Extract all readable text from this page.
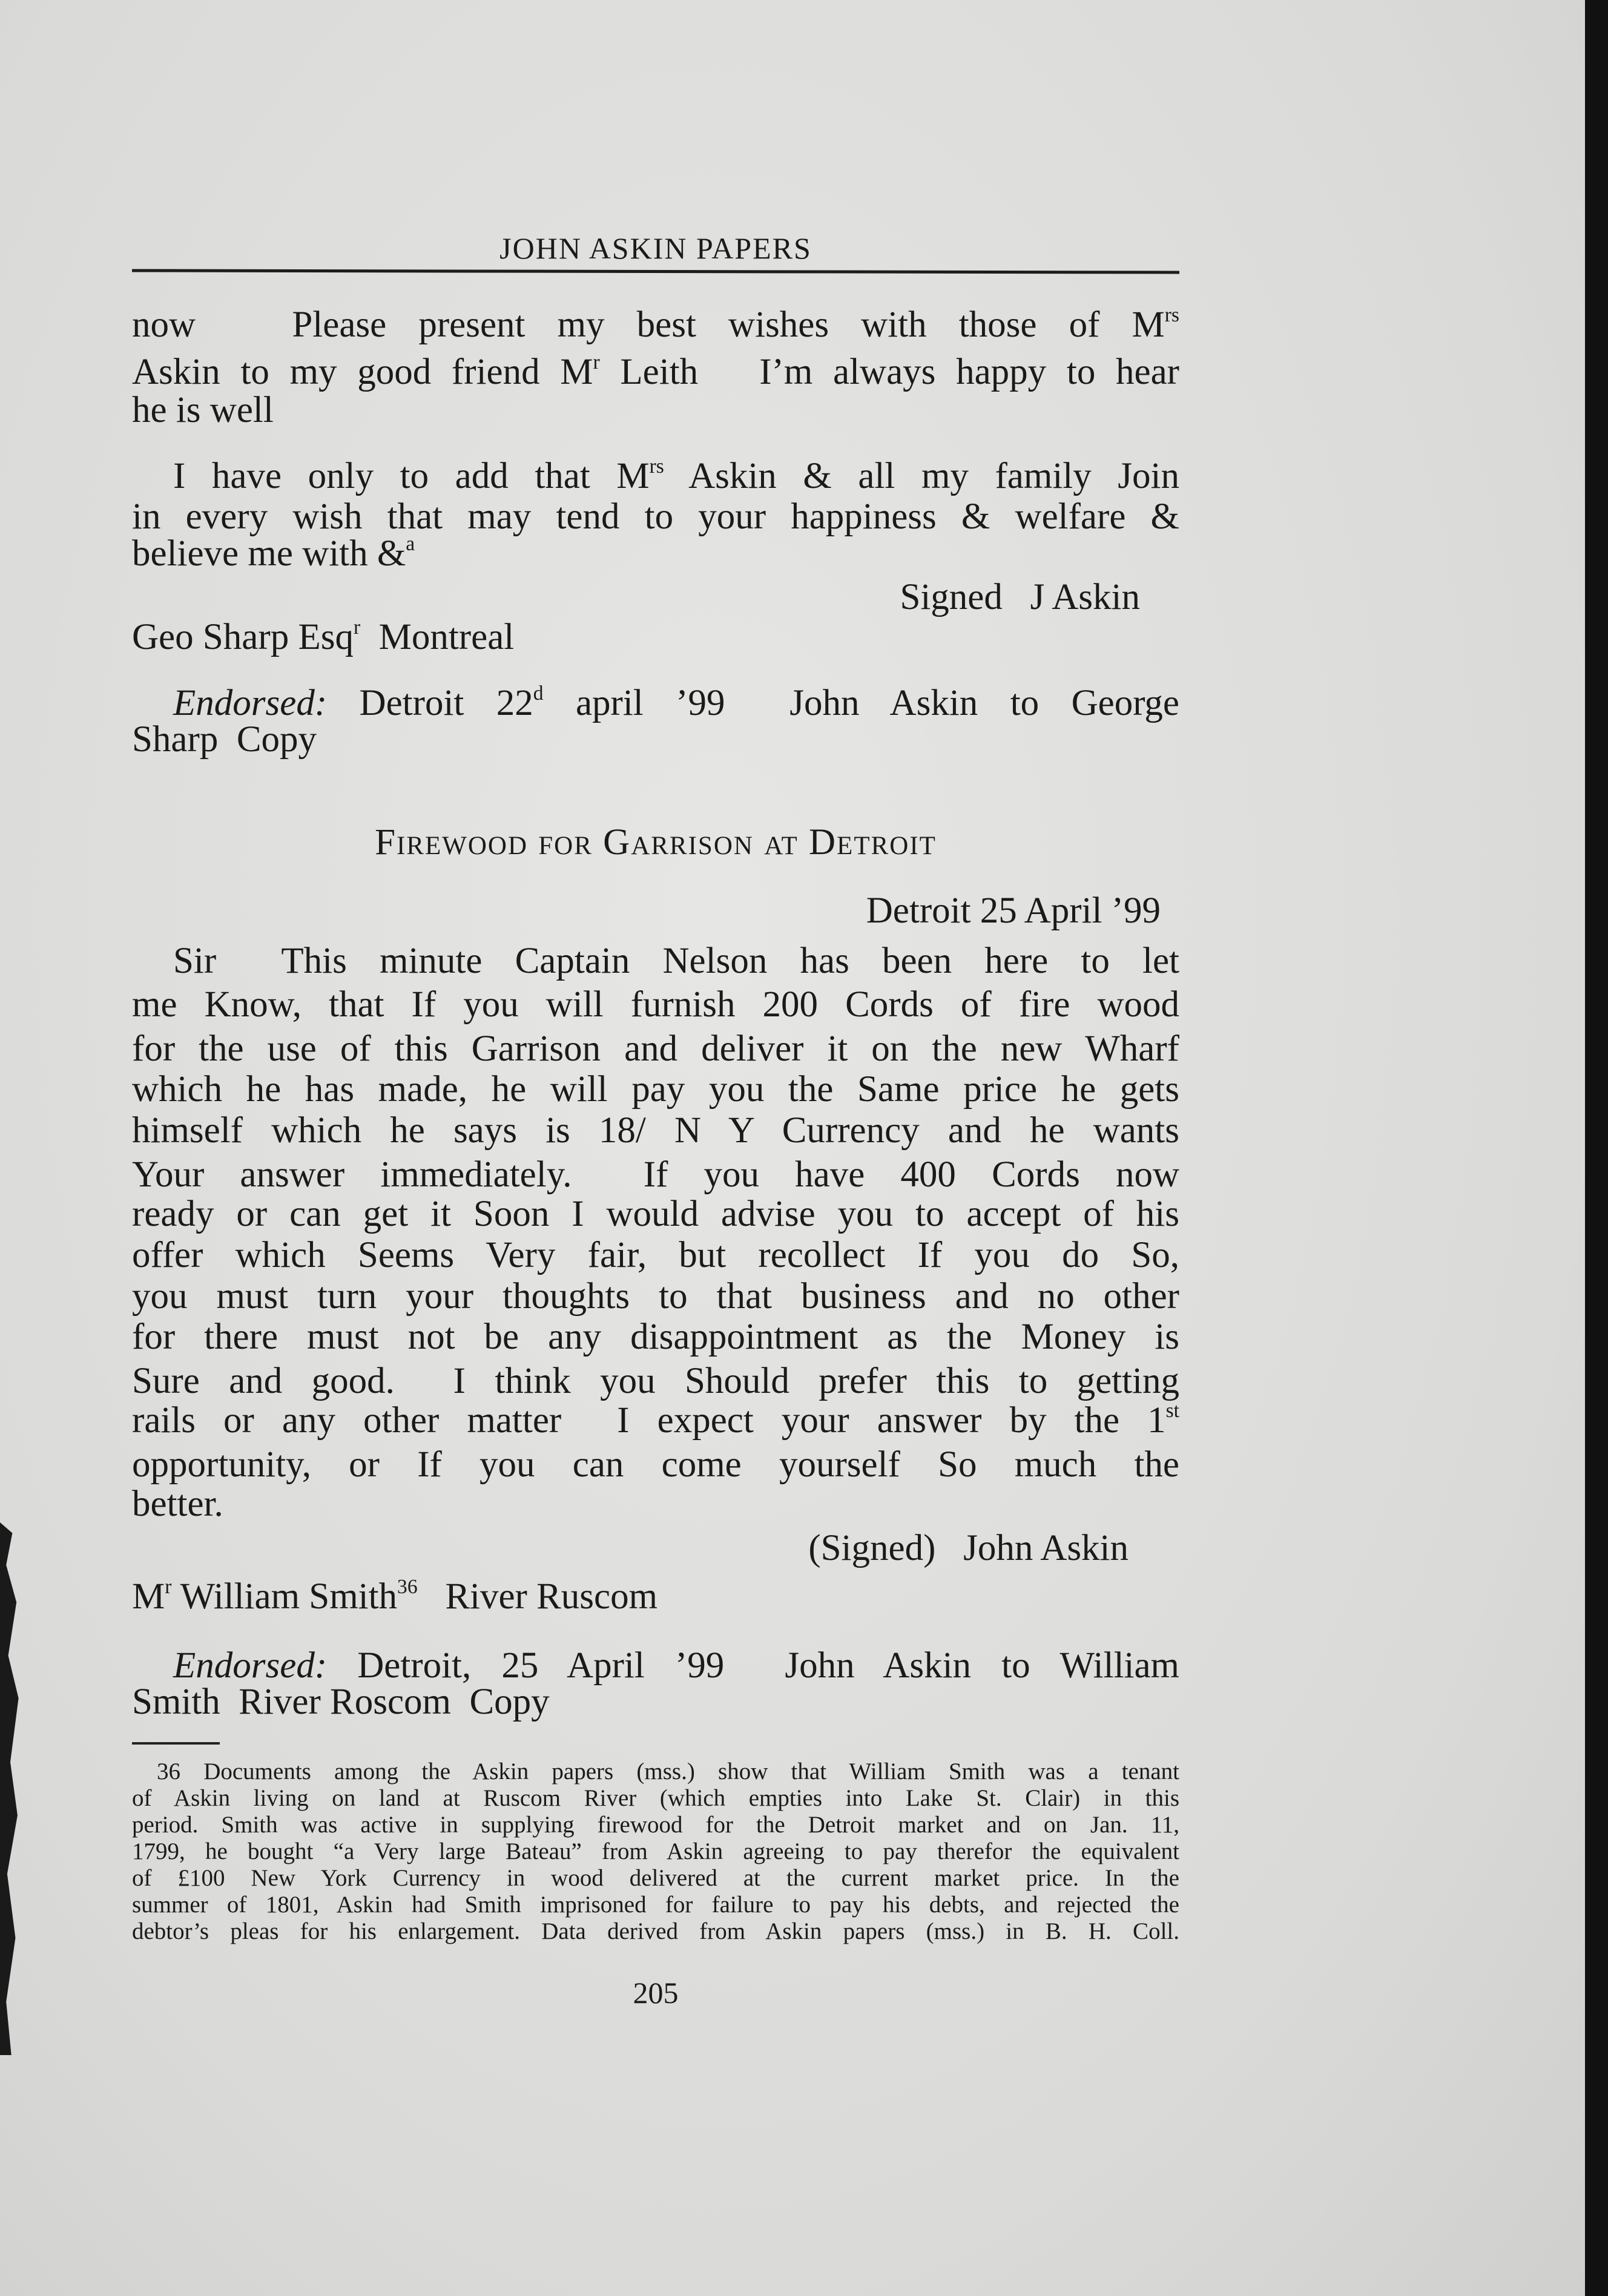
JOHN ASKIN PAPERS
now   Please present my best wishes with those of $M^{rs}$
Askin to my good friend $M^r$ Leith   I’m always happy to hear
he is well
I have only to add that $M^{rs}$ Askin & all my family Join
in every wish that may tend to your happiness & welfare &
believe me with &$^a$
Signed   J Askin
Geo Sharp Esq$^r$  Montreal
Endorsed: Detroit 22$^d$ april ’99  John Askin to George
Sharp  Copy
Firewood for Garrison at Detroit
Detroit 25 April ’99
Sir  This minute Captain Nelson has been here to let
me Know, that If you will furnish 200 Cords of fire wood
for the use of this Garrison and deliver it on the new Wharf
which he has made, he will pay you the Same price he gets
himself which he says is 18/ N Y Currency and he wants
Your answer immediately.  If you have 400 Cords now
ready or can get it Soon I would advise you to accept of his
offer which Seems Very fair, but recollect If you do So,
you must turn your thoughts to that business and no other
for there must not be any disappointment as the Money is
Sure and good.  I think you Should prefer this to getting
rails or any other matter  I expect your answer by the 1st
opportunity, or If you can come yourself So much the
better.
(Signed)   John Askin
$M^r$ William Smith$^{36}$   River Ruscom
Endorsed: Detroit, 25 April ’99  John Askin to William
Smith  River Roscom  Copy
36 Documents among the Askin papers (mss.) show that William Smith was a tenant
of Askin living on land at Ruscom River (which empties into Lake St. Clair) in this
period. Smith was active in supplying firewood for the Detroit market and on Jan. 11,
1799, he bought “a Very large Bateau” from Askin agreeing to pay therefor the equivalent
of £100 New York Currency in wood delivered at the current market price. In the
summer of 1801, Askin had Smith imprisoned for failure to pay his debts, and rejected the
debtor’s pleas for his enlargement. Data derived from Askin papers (mss.) in B. H. Coll.
205
